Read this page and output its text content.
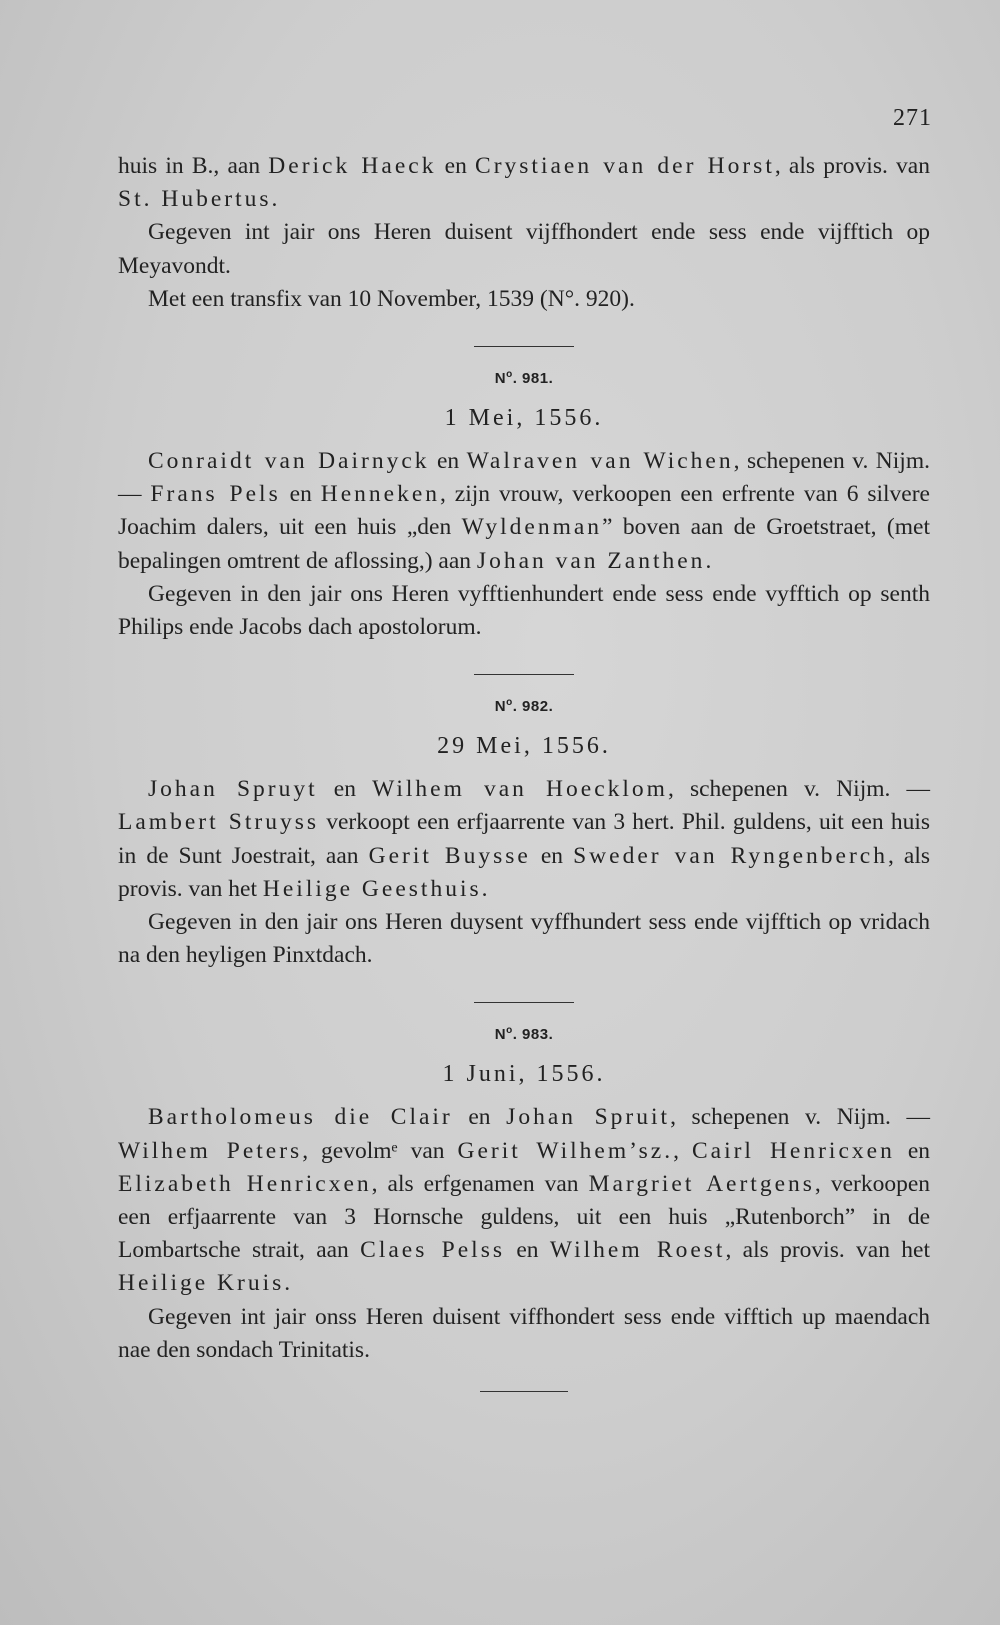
271

huis in B., aan Derick Haeck en Crystiaen van der Horst, als provis. van St. Hubertus.

Gegeven int jair ons Heren duisent vijffhondert ende sess ende vijfftich op Meyavondt.

Met een transfix van 10 November, 1539 (N°. 920).

$N^o$. 981.
1 Mei, 1556.

Conraidt van Dairnyck en Walraven van Wichen, schepenen v. Nijm. — Frans Pels en Henneken, zijn vrouw, verkoopen een erfrente van 6 silvere Joachim dalers, uit een huis „den Wyldenman” boven aan de Groetstraet, (met bepalingen omtrent de aflossing,) aan Johan van Zanthen.

Gegeven in den jair ons Heren vyfftienhundert ende sess ende vyfftich op senth Philips ende Jacobs dach apostolorum.

$N^o$. 982.
29 Mei, 1556.

Johan Spruyt en Wilhem van Hoecklom, schepenen v. Nijm. — Lambert Struyss verkoopt een erfjaarrente van 3 hert. Phil. guldens, uit een huis in de Sunt Joestrait, aan Gerit Buysse en Sweder van Ryngenberch, als provis. van het Heilige Geesthuis.

Gegeven in den jair ons Heren duysent vyffhundert sess ende vijfftich op vridach na den heyligen Pinxtdach.

$N^o$. 983.
1 Juni, 1556.

Bartholomeus die Clair en Johan Spruit, schepenen v. Nijm. — Wilhem Peters, gevolmᵉ van Gerit Wilhem’sz., Cairl Henricxen en Elizabeth Henricxen, als erfgenamen van Margriet Aertgens, verkoopen een erfjaarrente van 3 Hornsche guldens, uit een huis „Rutenborch” in de Lombartsche strait, aan Claes Pelss en Wilhem Roest, als provis. van het Heilige Kruis.

Gegeven int jair onss Heren duisent viffhondert sess ende vifftich up maendach nae den sondach Trinitatis.
